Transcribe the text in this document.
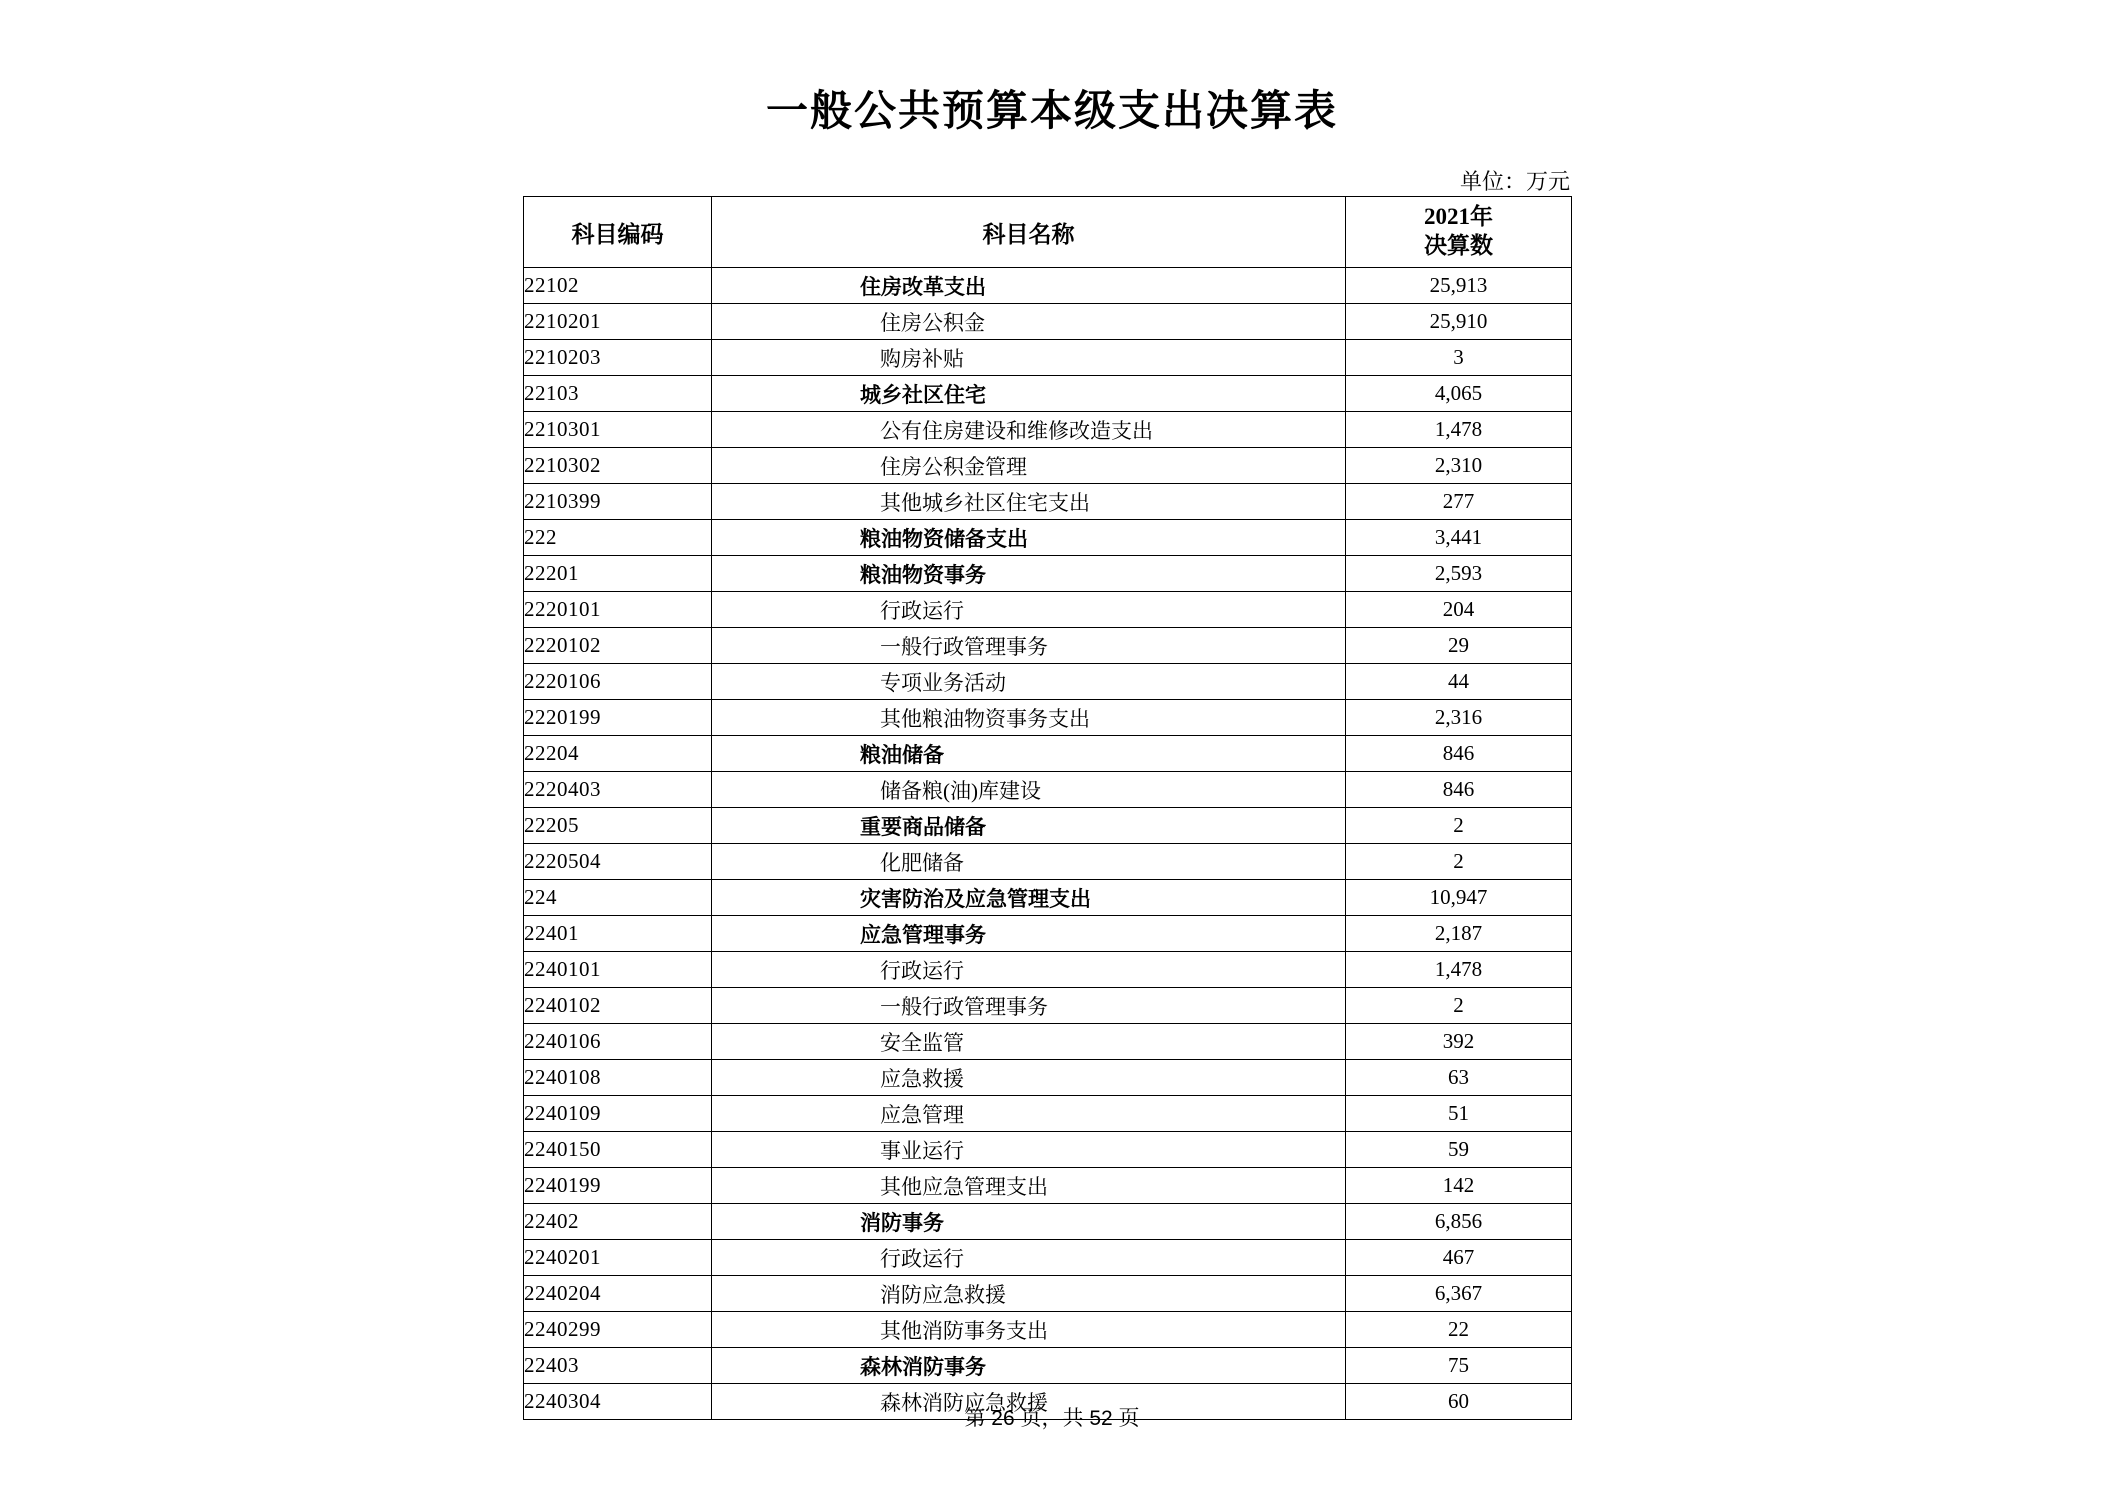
一般公共预算本级支出决算表
单位：万元
科目编码	科目名称	2021年
决算数

22102	住房改革支出	25,913
2210201	住房公积金	25,910
2210203	购房补贴	3
22103	城乡社区住宅	4,065
2210301	公有住房建设和维修改造支出	1,478
2210302	住房公积金管理	2,310
2210399	其他城乡社区住宅支出	277
222	粮油物资储备支出	3,441
22201	粮油物资事务	2,593
2220101	行政运行	204
2220102	一般行政管理事务	29
2220106	专项业务活动	44
2220199	其他粮油物资事务支出	2,316
22204	粮油储备	846
2220403	储备粮(油)库建设	846
22205	重要商品储备	2
2220504	化肥储备	2
224	灾害防治及应急管理支出	10,947
22401	应急管理事务	2,187
2240101	行政运行	1,478
2240102	一般行政管理事务	2
2240106	安全监管	392
2240108	应急救援	63
2240109	应急管理	51
2240150	事业运行	59
2240199	其他应急管理支出	142
22402	消防事务	6,856
2240201	行政运行	467
2240204	消防应急救援	6,367
2240299	其他消防事务支出	22
22403	森林消防事务	75
2240304	森林消防应急救援	60
第 26 页，共 52 页
